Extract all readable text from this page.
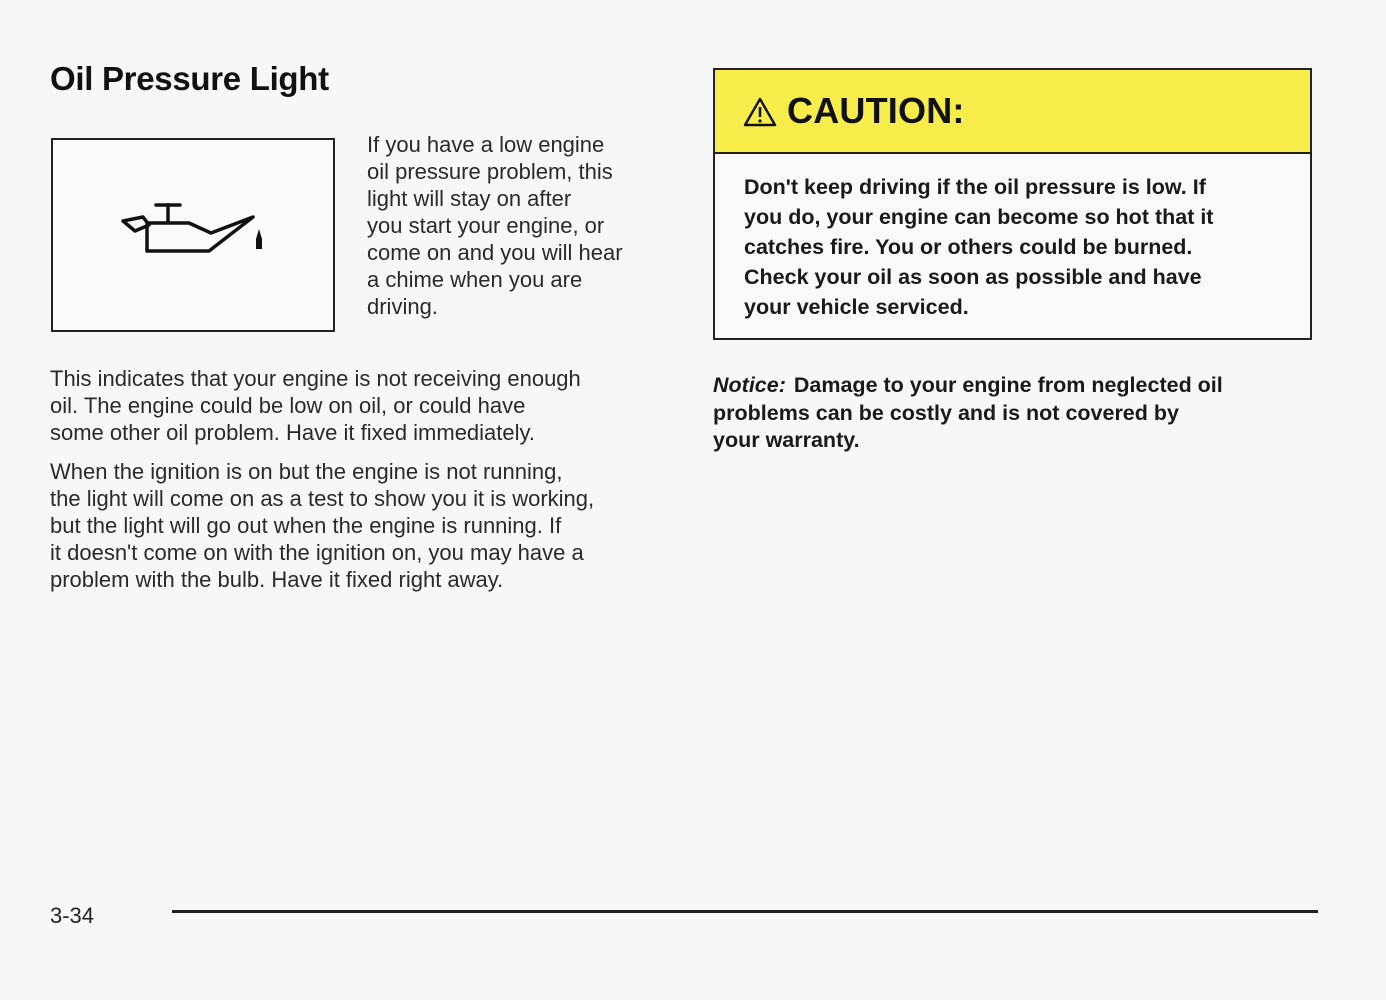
Oil Pressure Light

If you have a low engine
oil pressure problem, this
light will stay on after
you start your engine, or
come on and you will hear
a chime when you are
driving.

This indicates that your engine is not receiving enough
oil. The engine could be low on oil, or could have
some other oil problem. Have it fixed immediately.

When the ignition is on but the engine is not running,
the light will come on as a test to show you it is working,
but the light will go out when the engine is running. If
it doesn't come on with the ignition on, you may have a
problem with the bulb. Have it fixed right away.

CAUTION:

Don't keep driving if the oil pressure is low. If
you do, your engine can become so hot that it
catches fire. You or others could be burned.
Check your oil as soon as possible and have
your vehicle serviced.

Notice: Damage to your engine from neglected oil
problems can be costly and is not covered by
your warranty.

3-34
